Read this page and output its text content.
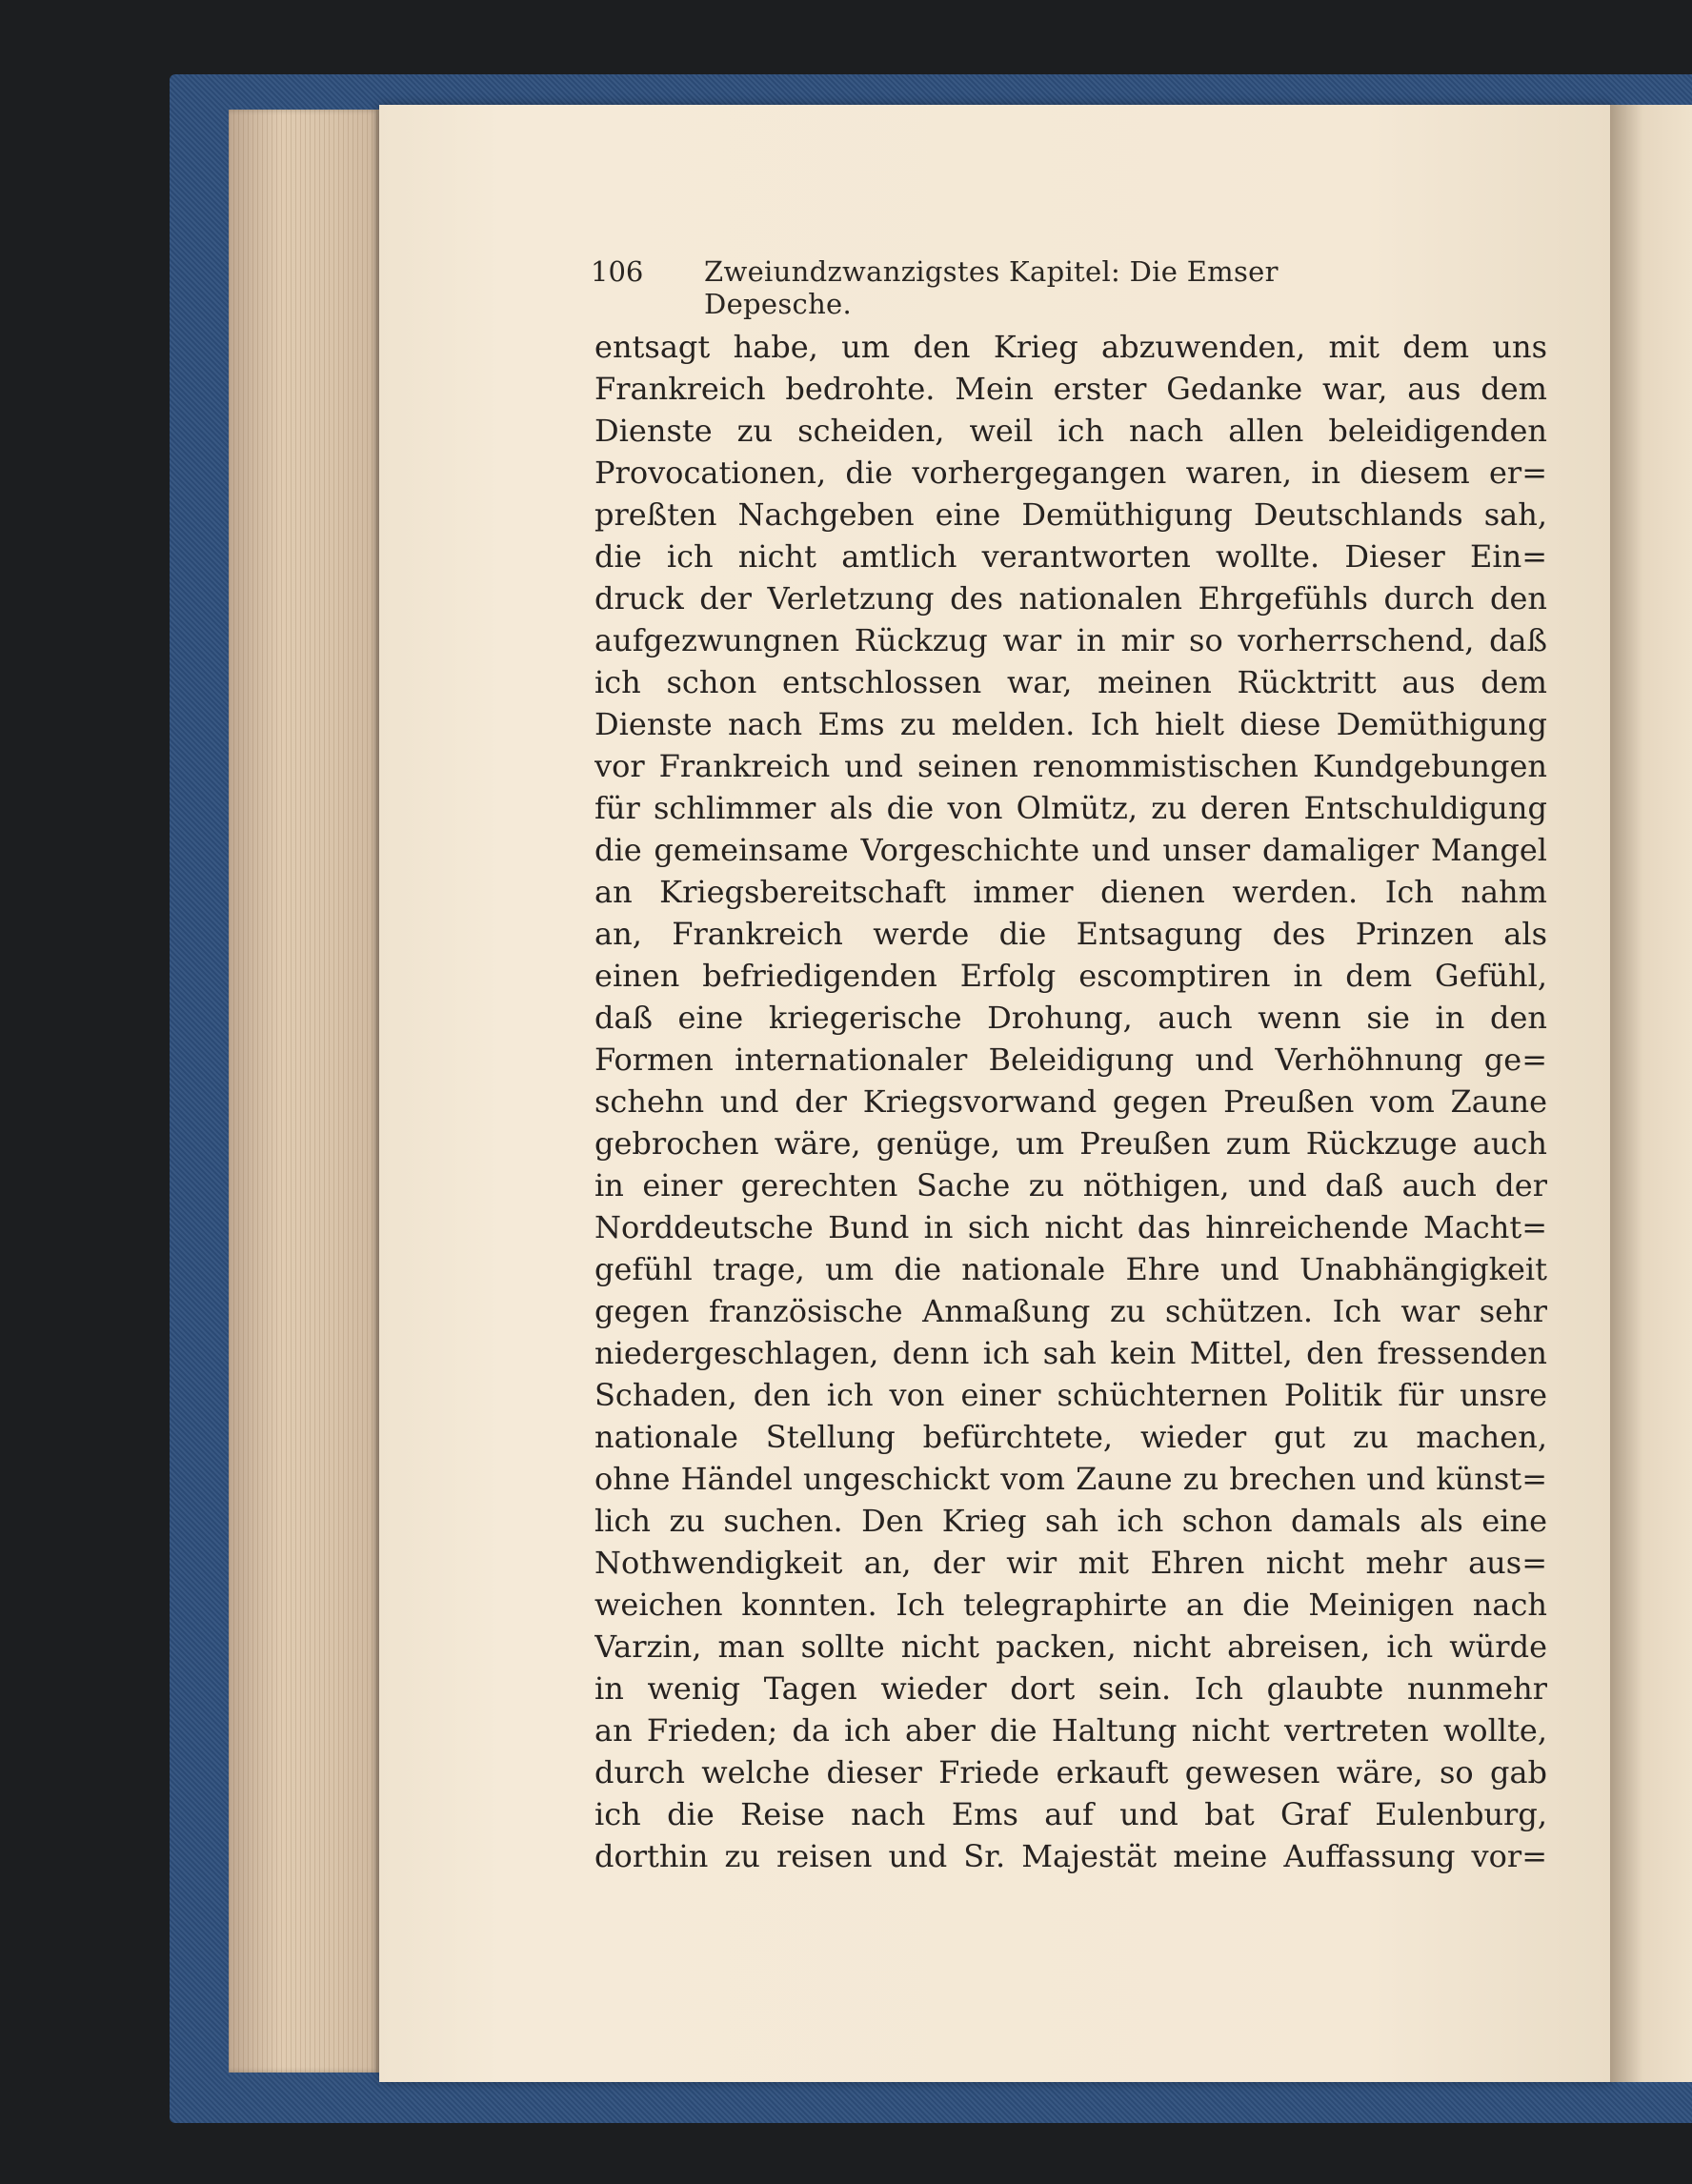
106	Zweiundzwanzigstes Kapitel: Die Emser Depesche.
entsagt habe, um den Krieg abzuwenden, mit dem uns
Frankreich bedrohte. Mein erster Gedanke war, aus dem
Dienste zu scheiden, weil ich nach allen beleidigenden
Provocationen, die vorhergegangen waren, in diesem er=
preßten Nachgeben eine Demüthigung Deutschlands sah,
die ich nicht amtlich verantworten wollte. Dieser Ein=
druck der Verletzung des nationalen Ehrgefühls durch den
aufgezwungnen Rückzug war in mir so vorherrschend, daß
ich schon entschlossen war, meinen Rücktritt aus dem
Dienste nach Ems zu melden. Ich hielt diese Demüthigung
vor Frankreich und seinen renommistischen Kundgebungen
für schlimmer als die von Olmütz, zu deren Entschuldigung
die gemeinsame Vorgeschichte und unser damaliger Mangel
an Kriegsbereitschaft immer dienen werden. Ich nahm
an, Frankreich werde die Entsagung des Prinzen als
einen befriedigenden Erfolg escomptiren in dem Gefühl,
daß eine kriegerische Drohung, auch wenn sie in den
Formen internationaler Beleidigung und Verhöhnung ge=
schehn und der Kriegsvorwand gegen Preußen vom Zaune
gebrochen wäre, genüge, um Preußen zum Rückzuge auch
in einer gerechten Sache zu nöthigen, und daß auch der
Norddeutsche Bund in sich nicht das hinreichende Macht=
gefühl trage, um die nationale Ehre und Unabhängigkeit
gegen französische Anmaßung zu schützen. Ich war sehr
niedergeschlagen, denn ich sah kein Mittel, den fressenden
Schaden, den ich von einer schüchternen Politik für unsre
nationale Stellung befürchtete, wieder gut zu machen,
ohne Händel ungeschickt vom Zaune zu brechen und künst=
lich zu suchen. Den Krieg sah ich schon damals als eine
Nothwendigkeit an, der wir mit Ehren nicht mehr aus=
weichen konnten. Ich telegraphirte an die Meinigen nach
Varzin, man sollte nicht packen, nicht abreisen, ich würde
in wenig Tagen wieder dort sein. Ich glaubte nunmehr
an Frieden; da ich aber die Haltung nicht vertreten wollte,
durch welche dieser Friede erkauft gewesen wäre, so gab
ich die Reise nach Ems auf und bat Graf Eulenburg,
dorthin zu reisen und Sr. Majestät meine Auffassung vor=
